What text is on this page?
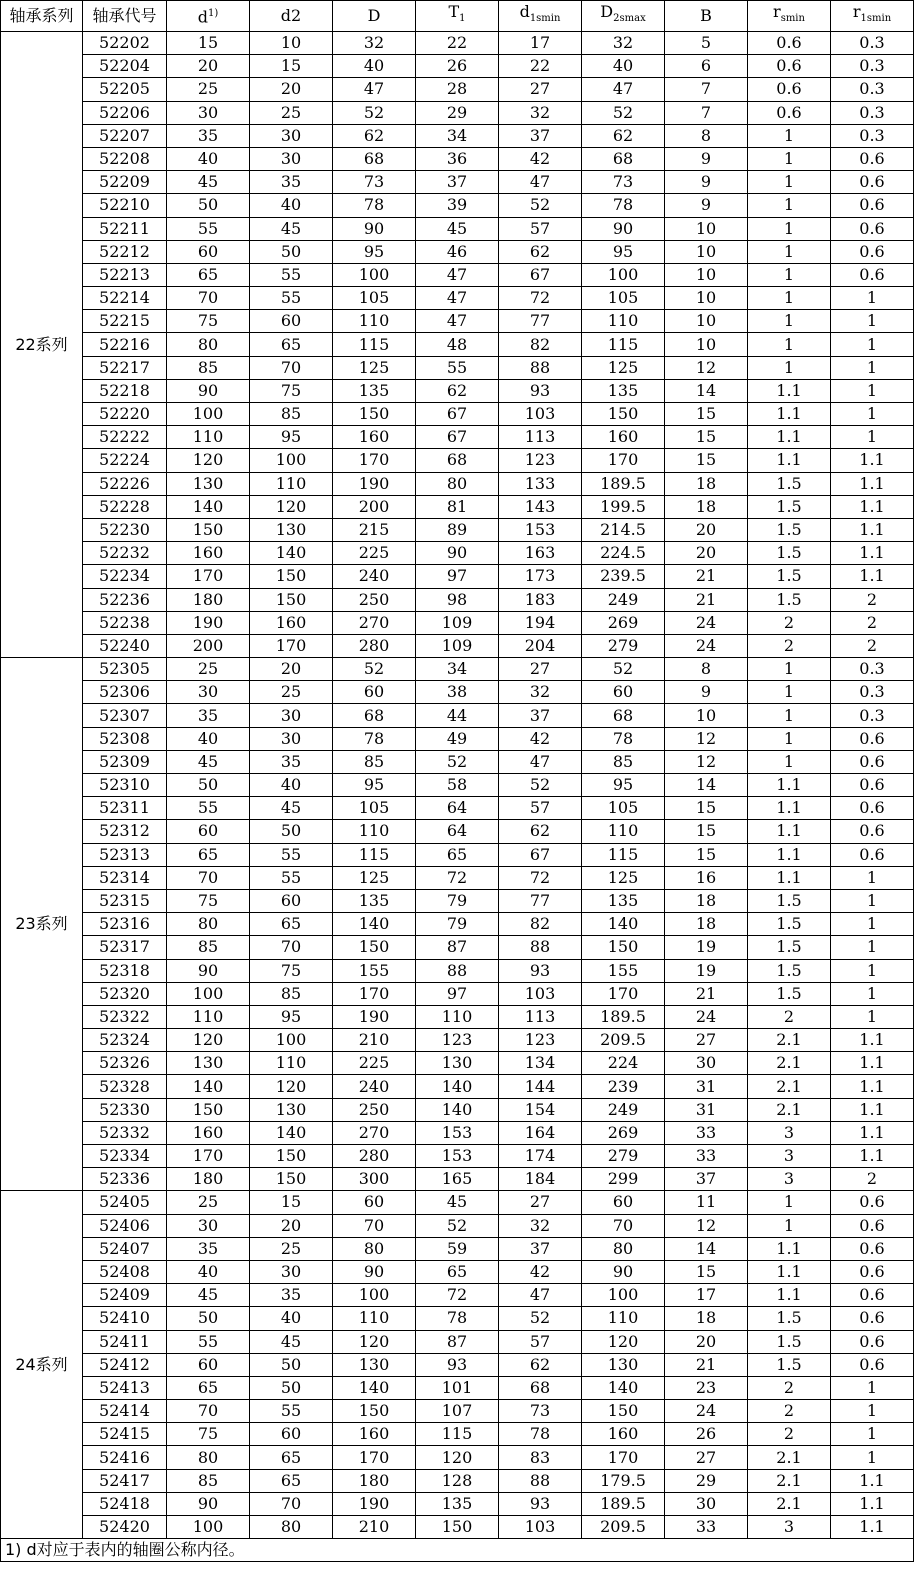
轴承系列	轴承代号	$d^{1)}$	d2	D	$T_1$	$d_{1smin}$	$D_{2smax}$	B	$r_{smin}$	$r_{1smin}$
22系列	52202	15	10	32	22	17	32	5	0.6	0.3
	52204	20	15	40	26	22	40	6	0.6	0.3
	52205	25	20	47	28	27	47	7	0.6	0.3
	52206	30	25	52	29	32	52	7	0.6	0.3
	52207	35	30	62	34	37	62	8	1	0.3
	52208	40	30	68	36	42	68	9	1	0.6
	52209	45	35	73	37	47	73	9	1	0.6
	52210	50	40	78	39	52	78	9	1	0.6
	52211	55	45	90	45	57	90	10	1	0.6
	52212	60	50	95	46	62	95	10	1	0.6
	52213	65	55	100	47	67	100	10	1	0.6
	52214	70	55	105	47	72	105	10	1	1
	52215	75	60	110	47	77	110	10	1	1
	52216	80	65	115	48	82	115	10	1	1
	52217	85	70	125	55	88	125	12	1	1
	52218	90	75	135	62	93	135	14	1.1	1
	52220	100	85	150	67	103	150	15	1.1	1
	52222	110	95	160	67	113	160	15	1.1	1
	52224	120	100	170	68	123	170	15	1.1	1.1
	52226	130	110	190	80	133	189.5	18	1.5	1.1
	52228	140	120	200	81	143	199.5	18	1.5	1.1
	52230	150	130	215	89	153	214.5	20	1.5	1.1
	52232	160	140	225	90	163	224.5	20	1.5	1.1
	52234	170	150	240	97	173	239.5	21	1.5	1.1
	52236	180	150	250	98	183	249	21	1.5	2
	52238	190	160	270	109	194	269	24	2	2
	52240	200	170	280	109	204	279	24	2	2
23系列	52305	25	20	52	34	27	52	8	1	0.3
	52306	30	25	60	38	32	60	9	1	0.3
	52307	35	30	68	44	37	68	10	1	0.3
	52308	40	30	78	49	42	78	12	1	0.6
	52309	45	35	85	52	47	85	12	1	0.6
	52310	50	40	95	58	52	95	14	1.1	0.6
	52311	55	45	105	64	57	105	15	1.1	0.6
	52312	60	50	110	64	62	110	15	1.1	0.6
	52313	65	55	115	65	67	115	15	1.1	0.6
	52314	70	55	125	72	72	125	16	1.1	1
	52315	75	60	135	79	77	135	18	1.5	1
	52316	80	65	140	79	82	140	18	1.5	1
	52317	85	70	150	87	88	150	19	1.5	1
	52318	90	75	155	88	93	155	19	1.5	1
	52320	100	85	170	97	103	170	21	1.5	1
	52322	110	95	190	110	113	189.5	24	2	1
	52324	120	100	210	123	123	209.5	27	2.1	1.1
	52326	130	110	225	130	134	224	30	2.1	1.1
	52328	140	120	240	140	144	239	31	2.1	1.1
	52330	150	130	250	140	154	249	31	2.1	1.1
	52332	160	140	270	153	164	269	33	3	1.1
	52334	170	150	280	153	174	279	33	3	1.1
	52336	180	150	300	165	184	299	37	3	2
24系列	52405	25	15	60	45	27	60	11	1	0.6
	52406	30	20	70	52	32	70	12	1	0.6
	52407	35	25	80	59	37	80	14	1.1	0.6
	52408	40	30	90	65	42	90	15	1.1	0.6
	52409	45	35	100	72	47	100	17	1.1	0.6
	52410	50	40	110	78	52	110	18	1.5	0.6
	52411	55	45	120	87	57	120	20	1.5	0.6
	52412	60	50	130	93	62	130	21	1.5	0.6
	52413	65	50	140	101	68	140	23	2	1
	52414	70	55	150	107	73	150	24	2	1
	52415	75	60	160	115	78	160	26	2	1
	52416	80	65	170	120	83	170	27	2.1	1
	52417	85	65	180	128	88	179.5	29	2.1	1.1
	52418	90	70	190	135	93	189.5	30	2.1	1.1
	52420	100	80	210	150	103	209.5	33	3	1.1
1) d对应于表内的轴圈公称内径。										
